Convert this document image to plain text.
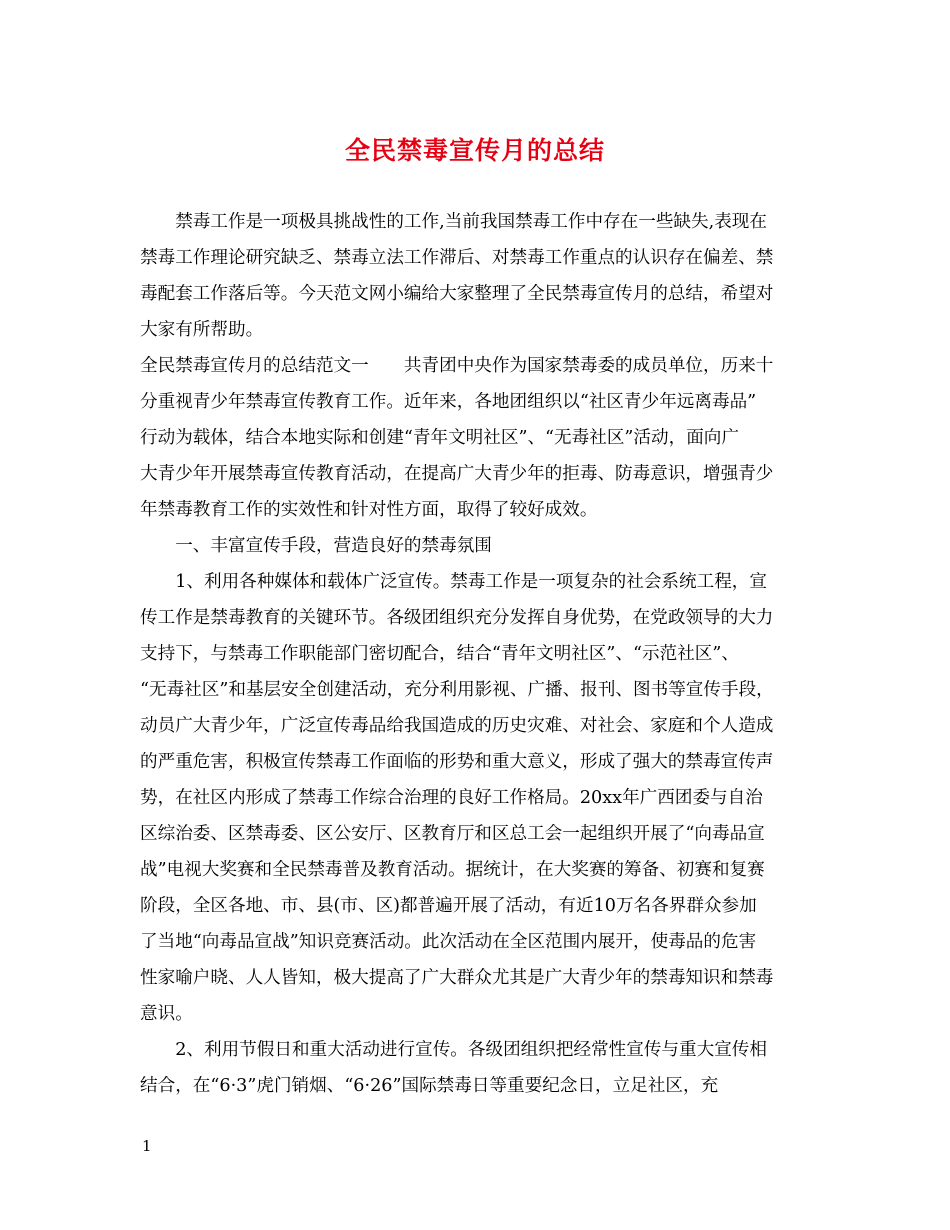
全民禁毒宣传月的总结
　　禁毒工作是一项极具挑战性的工作,当前我国禁毒工作中存在一些缺失,表现在
禁毒工作理论研究缺乏、禁毒立法工作滞后、对禁毒工作重点的认识存在偏差、禁
毒配套工作落后等。今天范文网小编给大家整理了全民禁毒宣传月的总结，希望对
大家有所帮助。
全民禁毒宣传月的总结范文一　　共青团中央作为国家禁毒委的成员单位，历来十
分重视青少年禁毒宣传教育工作。近年来，各地团组织以“社区青少年远离毒品”
行动为载体，结合本地实际和创建“青年文明社区”、“无毒社区”活动，面向广
大青少年开展禁毒宣传教育活动，在提高广大青少年的拒毒、防毒意识，增强青少
年禁毒教育工作的实效性和针对性方面，取得了较好成效。
　　一、丰富宣传手段，营造良好的禁毒氛围
　　1、利用各种媒体和载体广泛宣传。禁毒工作是一项复杂的社会系统工程，宣
传工作是禁毒教育的关键环节。各级团组织充分发挥自身优势，在党政领导的大力
支持下，与禁毒工作职能部门密切配合，结合“青年文明社区”、“示范社区”、
“无毒社区”和基层安全创建活动，充分利用影视、广播、报刊、图书等宣传手段，
动员广大青少年，广泛宣传毒品给我国造成的历史灾难、对社会、家庭和个人造成
的严重危害，积极宣传禁毒工作面临的形势和重大意义，形成了强大的禁毒宣传声
势，在社区内形成了禁毒工作综合治理的良好工作格局。20xx年广西团委与自治
区综治委、区禁毒委、区公安厅、区教育厅和区总工会一起组织开展了“向毒品宣
战”电视大奖赛和全民禁毒普及教育活动。据统计，在大奖赛的筹备、初赛和复赛
阶段，全区各地、市、县(市、区)都普遍开展了活动，有近10万名各界群众参加
了当地“向毒品宣战”知识竞赛活动。此次活动在全区范围内展开，使毒品的危害
性家喻户晓、人人皆知，极大提高了广大群众尤其是广大青少年的禁毒知识和禁毒
意识。
　　2、利用节假日和重大活动进行宣传。各级团组织把经常性宣传与重大宣传相
结合，在“6·3”虎门销烟、“6·26”国际禁毒日等重要纪念日，立足社区，充
1
